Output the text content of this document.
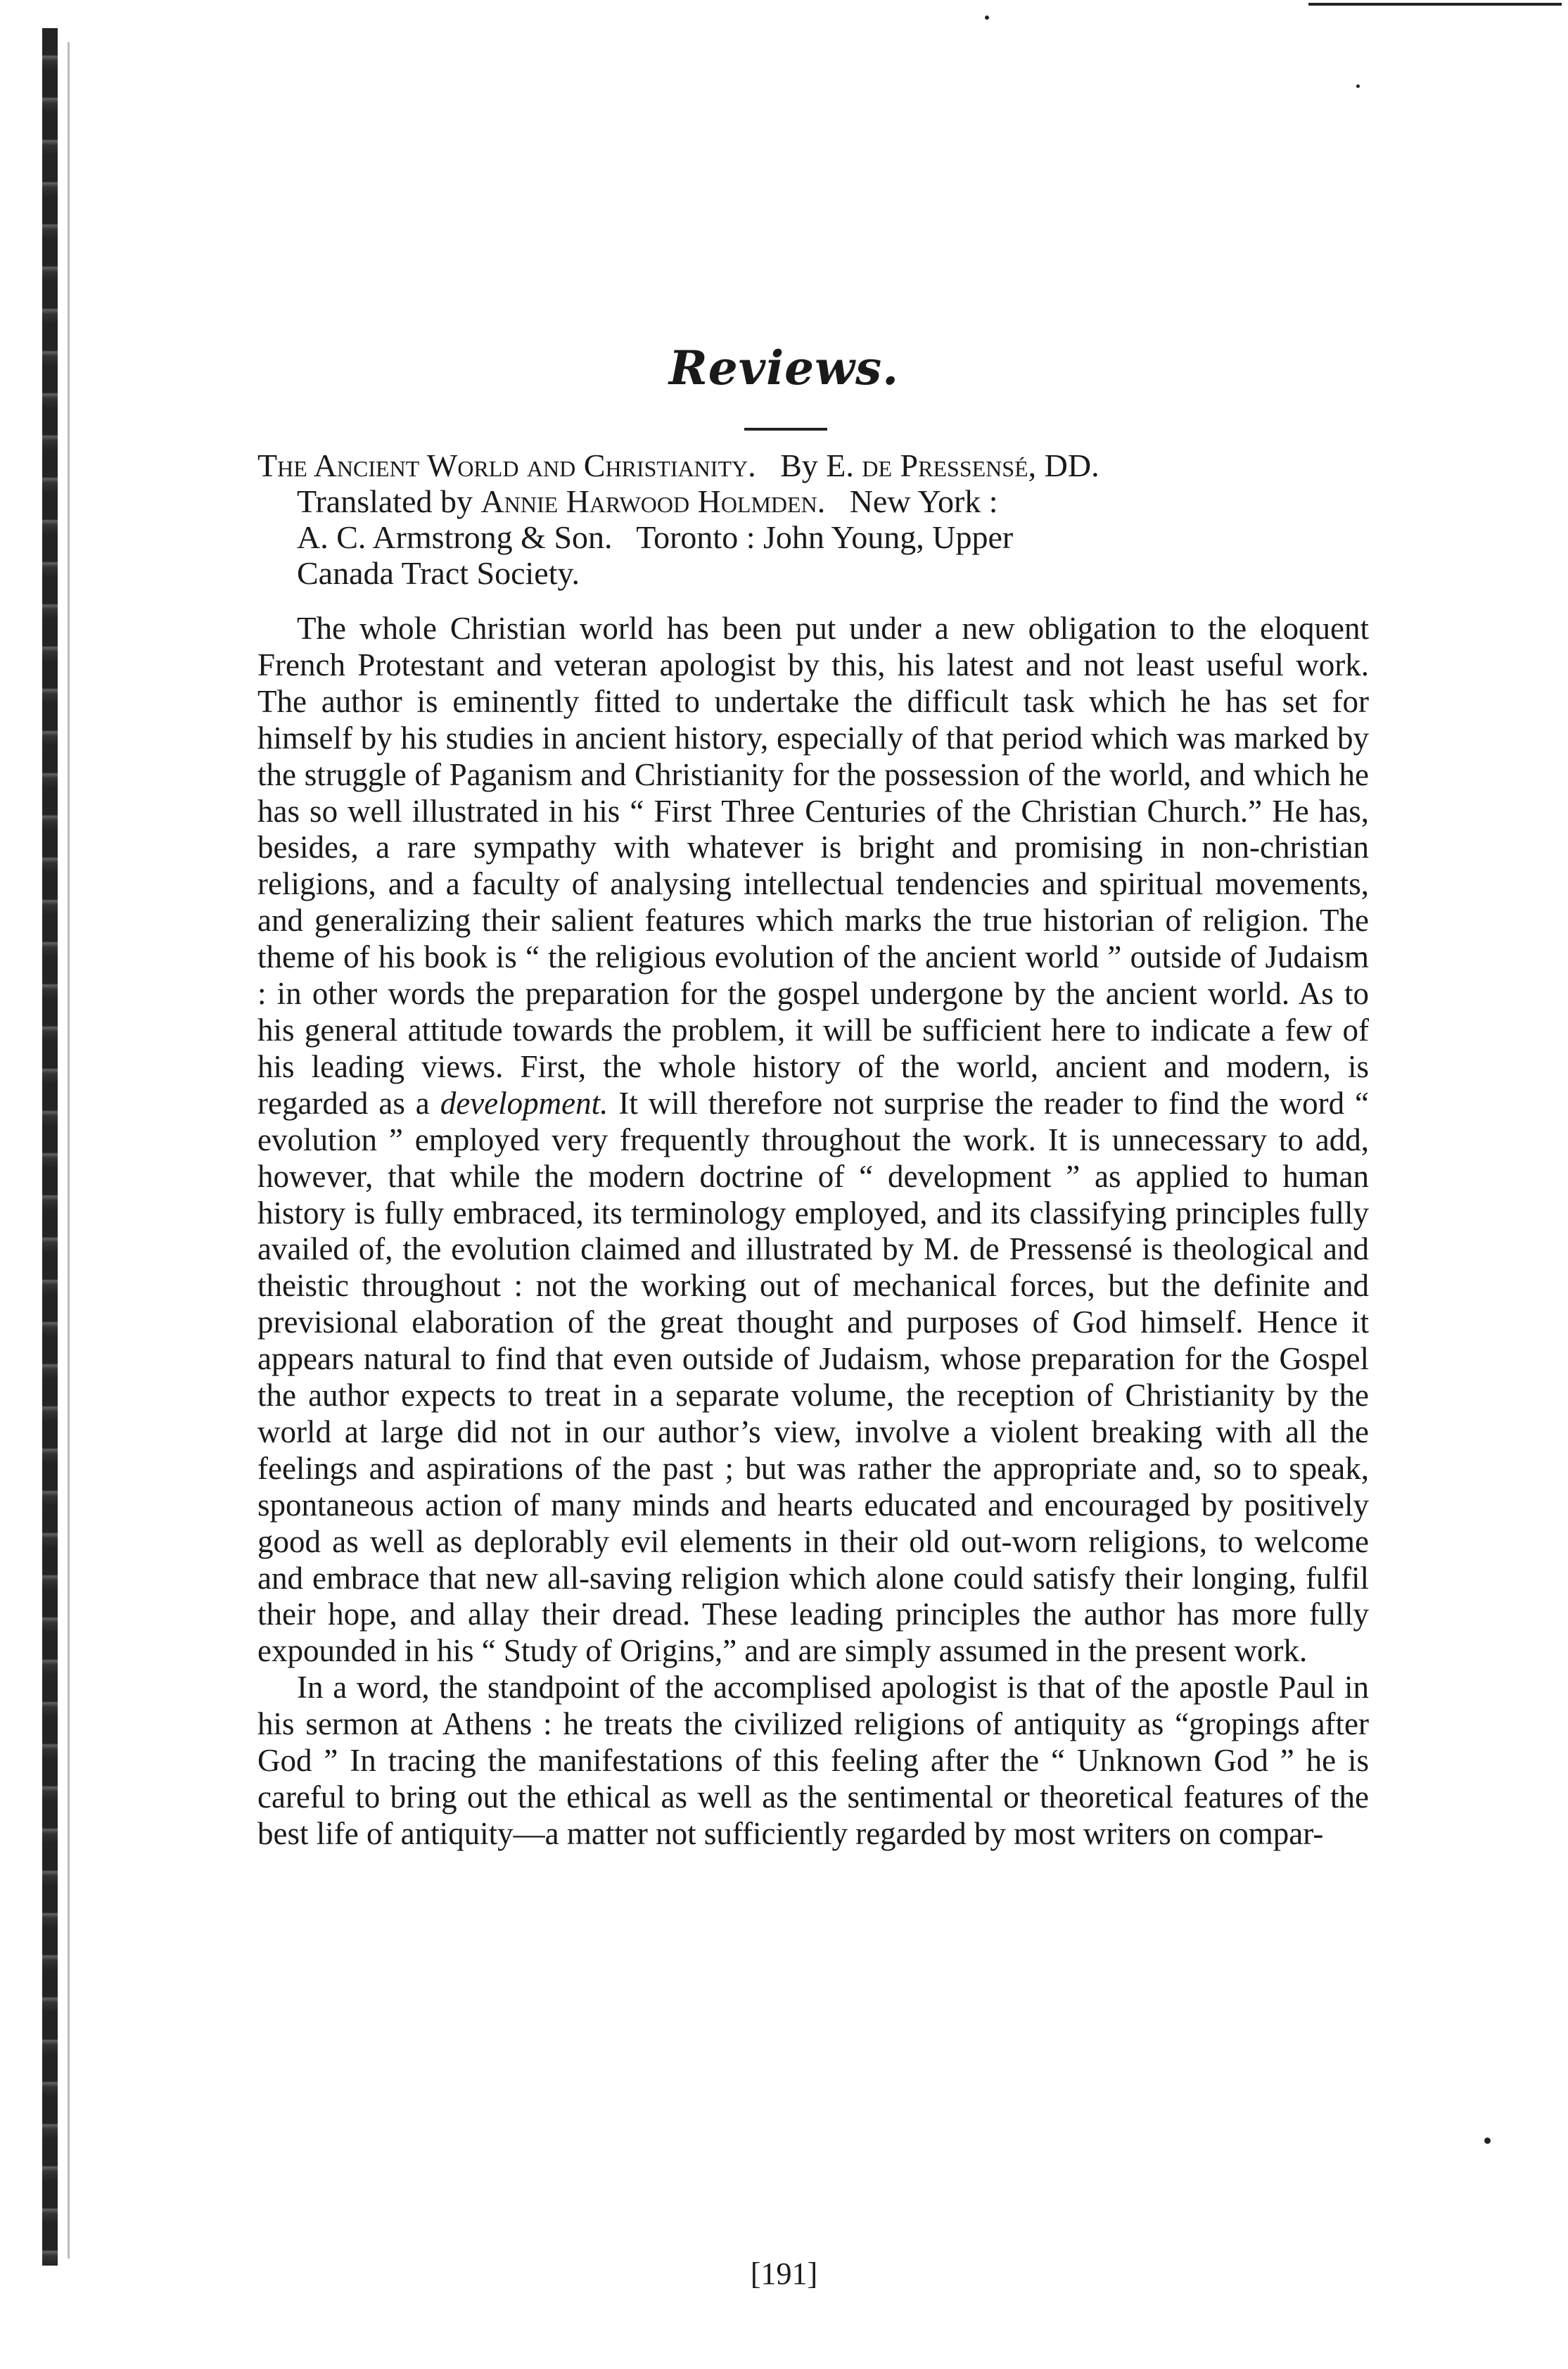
Reviews.
The Ancient World and Christianity. By E. de Pressensé, DD.
Translated by Annie Harwood Holmden. New York :
A. C. Armstrong & Son.   Toronto : John Young, Upper
Canada Tract Society.

The whole Christian world has been put under a new obligation to the eloquent French Protestant and veteran apologist by this, his latest and not least useful work. The author is eminently fitted to undertake the difficult task which he has set for himself by his studies in ancient history, especially of that period which was marked by the struggle of Paganism and Christianity for the possession of the world, and which he has so well illustrated in his “ First Three Centuries of the Christian Church.” He has, besides, a rare sympathy with whatever is bright and promising in non-christian religions, and a faculty of analysing intellectual tendencies and spiritual movements, and generalizing their salient features which marks the true historian of religion. The theme of his book is “ the religious evolution of the ancient world ” outside of Judaism : in other words the preparation for the gospel undergone by the ancient world. As to his general attitude towards the problem, it will be sufficient here to indicate a few of his leading views. First, the whole history of the world, ancient and modern, is regarded as a development. It will therefore not surprise the reader to find the word “ evolution ” employed very frequently throughout the work. It is unnecessary to add, however, that while the modern doctrine of “ development ” as applied to human history is fully embraced, its terminology employed, and its classifying principles fully availed of, the evolution claimed and illustrated by M. de Pressensé is theological and theistic throughout : not the working out of mechanical forces, but the definite and previsional elaboration of the great thought and purposes of God himself. Hence it appears natural to find that even outside of Judaism, whose preparation for the Gospel the author expects to treat in a separate volume, the reception of Christianity by the world at large did not in our author’s view, involve a violent breaking with all the feelings and aspirations of the past ; but was rather the appropriate and, so to speak, spontaneous action of many minds and hearts educated and encouraged by positively good as well as deplorably evil elements in their old out-worn religions, to welcome and embrace that new all-saving religion which alone could satisfy their longing, fulfil their hope, and allay their dread. These leading principles the author has more fully expounded in his “ Study of Origins,” and are simply assumed in the present work.

In a word, the standpoint of the accomplised apologist is that of the apostle Paul in his sermon at Athens : he treats the civilized religions of antiquity as “gropings after God ” In tracing the manifestations of this feeling after the “ Unknown God ” he is careful to bring out the ethical as well as the sentimental or theoretical features of the best life of antiquity—a matter not sufficiently regarded by most writers on compar-

[191]
